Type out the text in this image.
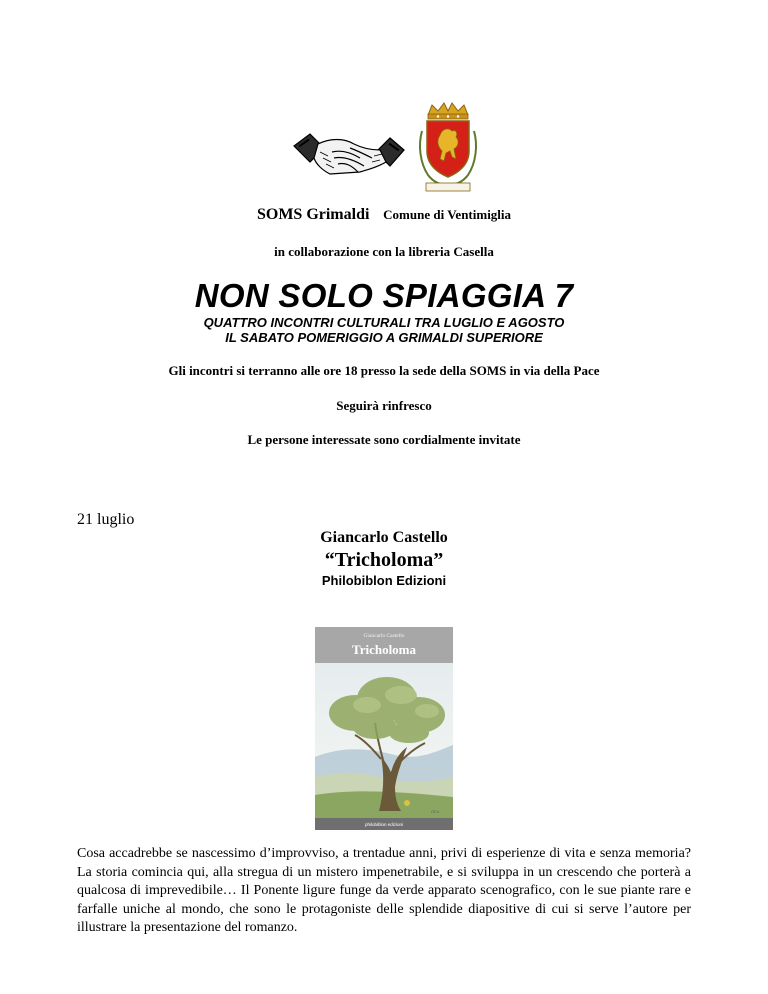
SOMS Grimaldi Comune di Ventimiglia
in collaborazione con la libreria Casella
NON SOLO SPIAGGIA 7
QUATTRO INCONTRI CULTURALI TRA LUGLIO E AGOSTO
IL SABATO POMERIGGIO A GRIMALDI SUPERIORE
Gli incontri si terranno alle ore 18 presso la sede della SOMS in via della Pace
Seguirà rinfresco
Le persone interessate sono cordialmente invitate
21 luglio
Giancarlo Castello
“Tricholoma”
Philobiblon Edizioni
Giancarlo Castello
Tricholoma
philobiblon edizioni
GCa
Cosa accadrebbe se nascessimo d’improvviso, a trentadue anni, privi di esperienze di vita e senza memoria? La storia comincia qui, alla stregua di un mistero impenetrabile, e si sviluppa in un crescendo che porterà a qualcosa di imprevedibile… Il Ponente ligure funge da verde apparato scenografico, con le sue piante rare e farfalle uniche al mondo, che sono le protagoniste delle splendide diapositive di cui si serve l’autore per illustrare la presentazione del romanzo.
